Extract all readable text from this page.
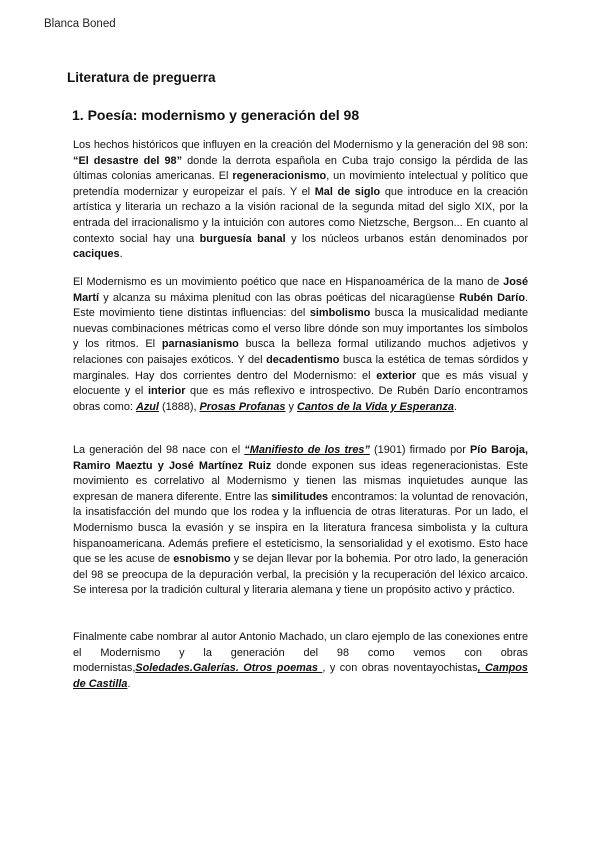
Blanca Boned
Literatura de preguerra
1. Poesía: modernismo y generación del 98

Los hechos históricos que influyen en la creación del Modernismo y la generación del 98 son: “El desastre del 98” donde la derrota española en Cuba trajo consigo la pérdida de las últimas colonias americanas. El regeneracionismo, un movimiento intelectual y político que pretendía modernizar y europeizar el país. Y el Mal de siglo que introduce en la creación artística y literaria un rechazo a la visión racional de la segunda mitad del siglo XIX, por la entrada del irracionalismo y la intuición con autores como Nietzsche, Bergson... En cuanto al contexto social hay una burguesía banal y los núcleos urbanos están denominados por caciques.

El Modernismo es un movimiento poético que nace en Hispanoamérica de la mano de José Martí y alcanza su máxima plenitud con las obras poéticas del nicaragüense Rubén Darío. Este movimiento tiene distintas influencias: del simbolismo busca la musicalidad mediante nuevas combinaciones métricas como el verso libre dónde son muy importantes los símbolos y los ritmos. El parnasianismo busca la belleza formal utilizando muchos adjetivos y relaciones con paisajes exóticos. Y del decadentismo busca la estética de temas sórdidos y marginales. Hay dos corrientes dentro del Modernismo: el exterior que es más visual y elocuente y el interior que es más reflexivo e introspectivo. De Rubén Darío encontramos obras como: Azul (1888), Prosas Profanas y Cantos de la Vida y Esperanza.

La generación del 98 nace con el “Manifiesto de los tres” (1901) firmado por Pío Baroja, Ramiro Maeztu y José Martínez Ruiz donde exponen sus ideas regeneracionistas. Este movimiento es correlativo al Modernismo y tienen las mismas inquietudes aunque las expresan de manera diferente. Entre las similitudes encontramos: la voluntad de renovación, la insatisfacción del mundo que los rodea y la influencia de otras literaturas. Por un lado, el Modernismo busca la evasión y se inspira en la literatura francesa simbolista y la cultura hispanoamericana. Además prefiere el esteticismo, la sensorialidad y el exotismo. Esto hace que se les acuse de esnobismo y se dejan llevar por la bohemia. Por otro lado, la generación del 98 se preocupa de la depuración verbal, la precisión y la recuperación del léxico arcaico. Se interesa por la tradición cultural y literaria alemana y tiene un propósito activo y práctico.

Finalmente cabe nombrar al autor Antonio Machado, un claro ejemplo de las conexiones entre el Modernismo y la generación del 98 como vemos con obras modernistas,Soledades.Galerías. Otros poemas , y con obras noventayochistas, Campos de Castilla.
